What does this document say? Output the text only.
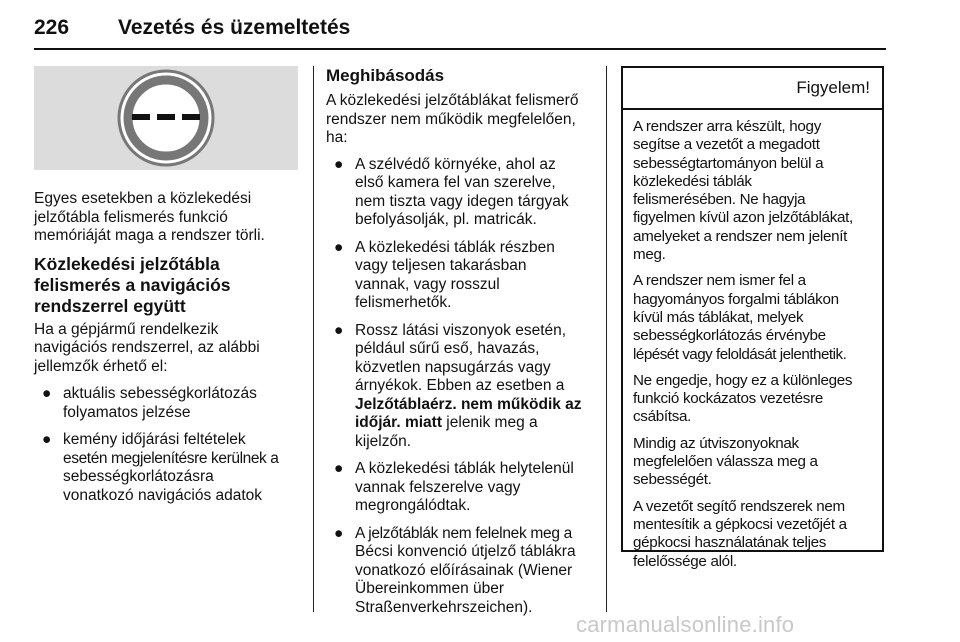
226 Vezetés és üzemeltetés

Egyes esetekben a közlekedési jelzőtábla felismerés funkció memóriáját maga a rendszer törli.

Közlekedési jelzőtábla felismerés a navigációs rendszerrel együtt

Ha a gépjármű rendelkezik
navigációs rendszerrel, az alábbi
jellemzők érhető el:

● aktuális sebességkorlátozás
folyamatos jelzése
● kemény időjárási feltételek
esetén megjelenítésre kerülnek a
sebességkorlátozásra
vonatkozó navigációs adatok
Meghibásodás

A közlekedési jelzőtáblákat felismerő
rendszer nem működik megfelelően,
ha:

● A szélvédő környéke, ahol az
első kamera fel van szerelve,
nem tiszta vagy idegen tárgyak
befolyásolják, pl. matricák.
● A közlekedési táblák részben
vagy teljesen takarásban
vannak, vagy rosszul
felismerhetők.
● Rossz látási viszonyok esetén,
például sűrű eső, havazás,
közvetlen napsugárzás vagy
árnyékok. Ebben az esetben a
Jelzőtáblaérz. nem működik az
időjár. miatt jelenik meg a
kijelzőn.
● A közlekedési táblák helytelenül
vannak felszerelve vagy
megrongálódtak.
● A jelzőtáblák nem felelnek meg a
Bécsi konvenció útjelző táblákra
vonatkozó előírásainak (Wiener
Übereinkommen über
Straßenverkehrszeichen).
Figyelem!

A rendszer arra készült, hogy
segítse a vezetőt a megadott
sebességtartományon belül a
közlekedési táblák
felismerésében. Ne hagyja
figyelmen kívül azon jelzőtáblákat,
amelyeket a rendszer nem jelenít
meg.

A rendszer nem ismer fel a
hagyományos forgalmi táblákon
kívül más táblákat, melyek
sebességkorlátozás érvénybe
lépését vagy feloldását jelenthetik.

Ne engedje, hogy ez a különleges
funkció kockázatos vezetésre
csábítsa.

Mindig az útviszonyoknak
megfelelően válassza meg a
sebességét.

A vezetőt segítő rendszerek nem
mentesítik a gépkocsi vezetőjét a
gépkocsi használatának teljes
felelőssége alól.

carmanualsonline.info
